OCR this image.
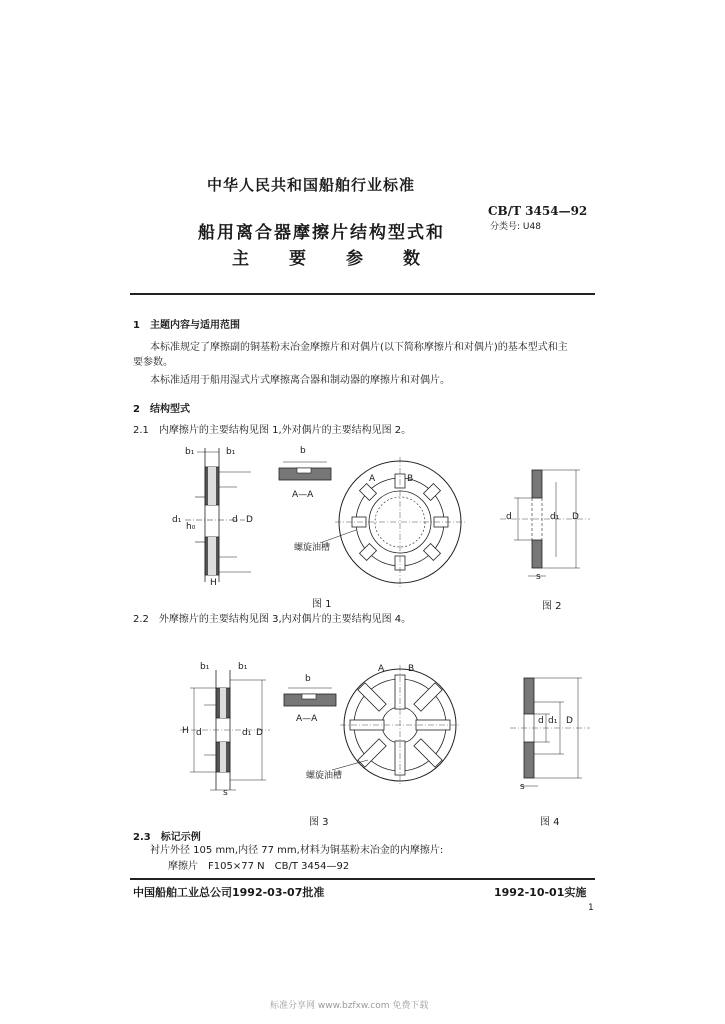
中华人民共和国船舶行业标准
船用离合器摩擦片结构型式和
主　　要　　参　　数
CB/T 3454—92
分类号: U48
1　主题内容与适用范围
本标准规定了摩擦副的铜基粉末冶金摩擦片和对偶片(以下简称摩擦片和对偶片)的基本型式和主
要参数。
本标准适用于船用湿式片式摩擦离合器和制动器的摩擦片和对偶片。
2　结构型式
2.1　内摩擦片的主要结构见图 1,外对偶片的主要结构见图 2。
b₁	b₁
d₁
h₀
d D
H
b
A—A
A	B
螺旋油槽
图 1
d	d₁ D
s
图 2
2.2　外摩擦片的主要结构见图 3,内对偶片的主要结构见图 4。
b₁	b₁
H d	d₁ D
s
b
A—A
A	B
螺旋油槽
图 3
d d₁ D
s
图 4
2.3　标记示例
衬片外径 105 mm,内径 77 mm,材料为铜基粉末冶金的内摩擦片:
摩擦片　F105×77 N　CB/T 3454—92
中国船舶工业总公司1992-03-07批准	1992-10-01实施
1
标准分享网 www.bzfxw.com 免费下载
